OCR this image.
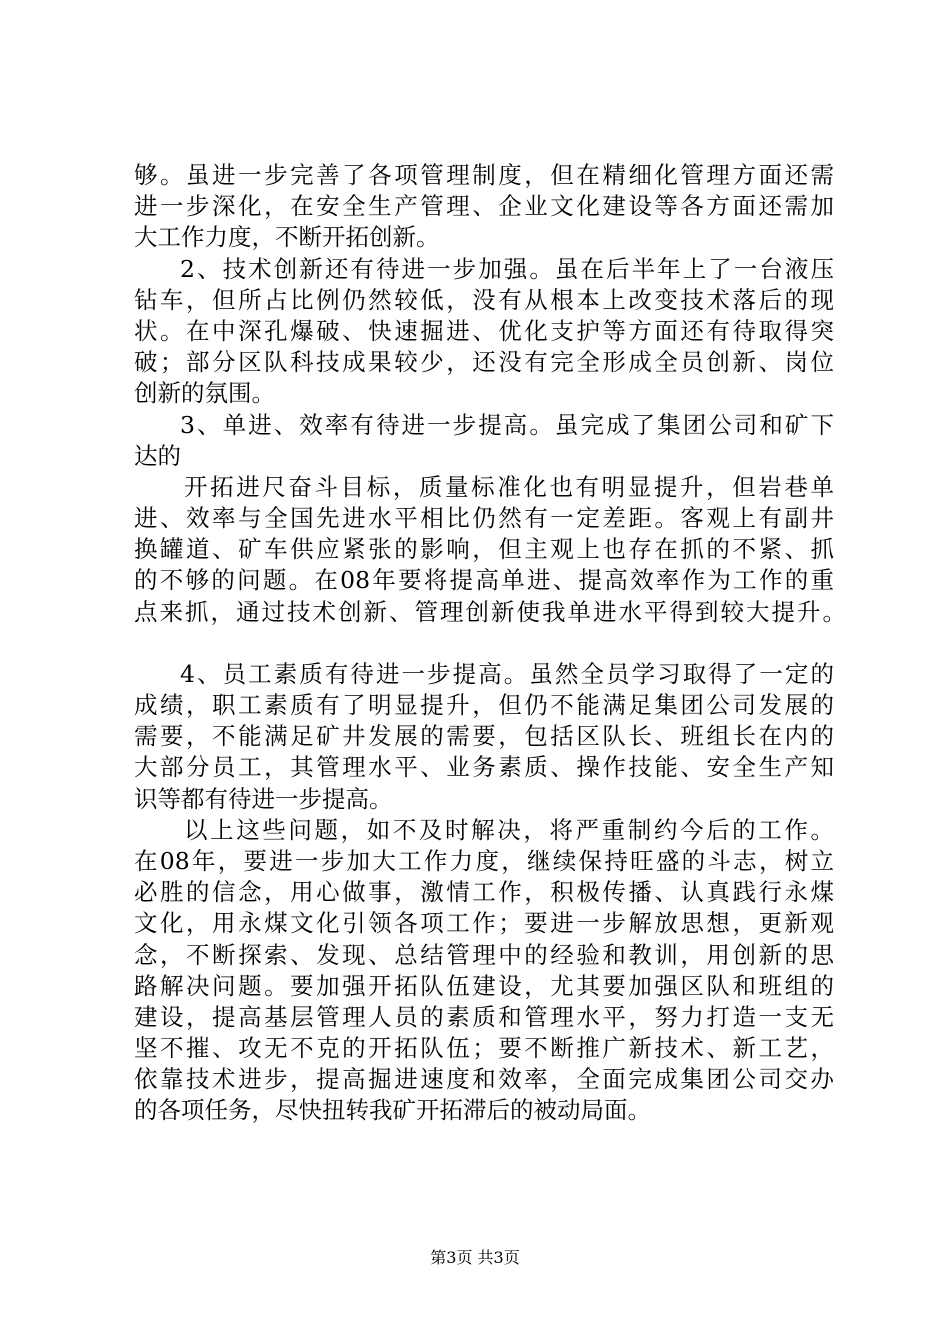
够。虽进一步完善了各项管理制度，但在精细化管理方面还需
进一步深化，在安全生产管理、企业文化建设等各方面还需加
大工作力度，不断开拓创新。
2、技术创新还有待进一步加强。虽在后半年上了一台液压
钻车，但所占比例仍然较低，没有从根本上改变技术落后的现
状。在中深孔爆破、快速掘进、优化支护等方面还有待取得突
破；部分区队科技成果较少，还没有完全形成全员创新、岗位
创新的氛围。
3、单进、效率有待进一步提高。虽完成了集团公司和矿下
达的
开拓进尺奋斗目标，质量标准化也有明显提升，但岩巷单
进、效率与全国先进水平相比仍然有一定差距。客观上有副井
换罐道、矿车供应紧张的影响，但主观上也存在抓的不紧、抓
的不够的问题。在08年要将提高单进、提高效率作为工作的重
点来抓，通过技术创新、管理创新使我单进水平得到较大提升。
4、员工素质有待进一步提高。虽然全员学习取得了一定的
成绩，职工素质有了明显提升，但仍不能满足集团公司发展的
需要，不能满足矿井发展的需要，包括区队长、班组长在内的
大部分员工，其管理水平、业务素质、操作技能、安全生产知
识等都有待进一步提高。
以上这些问题，如不及时解决，将严重制约今后的工作。
在08年，要进一步加大工作力度，继续保持旺盛的斗志，树立
必胜的信念，用心做事，激情工作，积极传播、认真践行永煤
文化，用永煤文化引领各项工作；要进一步解放思想，更新观
念，不断探索、发现、总结管理中的经验和教训，用创新的思
路解决问题。要加强开拓队伍建设，尤其要加强区队和班组的
建设，提高基层管理人员的素质和管理水平，努力打造一支无
坚不摧、攻无不克的开拓队伍；要不断推广新技术、新工艺，
依靠技术进步，提高掘进速度和效率，全面完成集团公司交办
的各项任务，尽快扭转我矿开拓滞后的被动局面。
第3页 共3页
